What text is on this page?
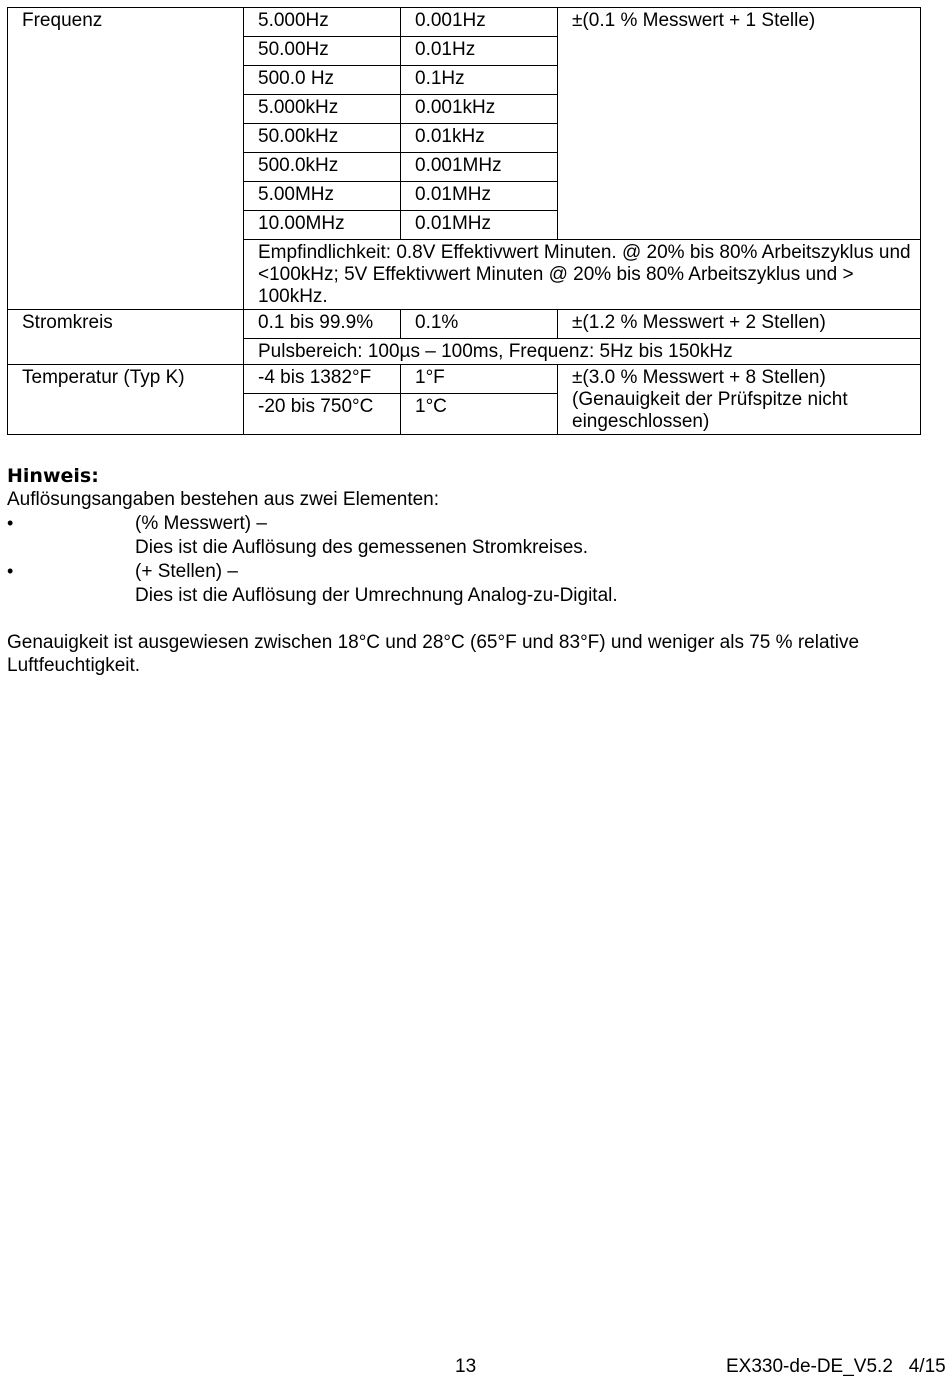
Frequenz	5.000Hz	0.001Hz	±(0.1 % Messwert + 1 Stelle)

	50.00Hz	0.01Hz	

	500.0 Hz	0.1Hz	

	5.000kHz	0.001kHz	

	50.00kHz	0.01kHz	

	500.0kHz	0.001MHz	

	5.00MHz	0.01MHz	

	10.00MHz	0.01MHz	

	Empfindlichkeit: 0.8V Effektivwert Minuten. @ 20% bis 80% Arbeitszyklus und <100kHz; 5V Effektivwert Minuten @ 20% bis 80% Arbeitszyklus und > 100kHz.		

Stromkreis	0.1 bis 99.9%	0.1%	±(1.2 % Messwert + 2 Stellen)

	Pulsbereich: 100µs – 100ms, Frequenz: 5Hz bis 150kHz		

Temperatur (Typ K)	-4 bis 1382°F	1°F	±(3.0 % Messwert + 8 Stellen) (Genauigkeit der Prüfspitze nicht eingeschlossen)

	-20 bis 750°C	1°C	
Hinweis:
Auflösungsangaben bestehen aus zwei Elementen:
•	(% Messwert) –
Dies ist die Auflösung des gemessenen Stromkreises.
•	(+ Stellen) –
Dies ist die Auflösung der Umrechnung Analog-zu-Digital.
Genauigkeit ist ausgewiesen zwischen 18°C und 28°C (65°F und 83°F) und weniger als 75 % relative Luftfeuchtigkeit.
13	EX330-de-DE_V5.2   4/15
